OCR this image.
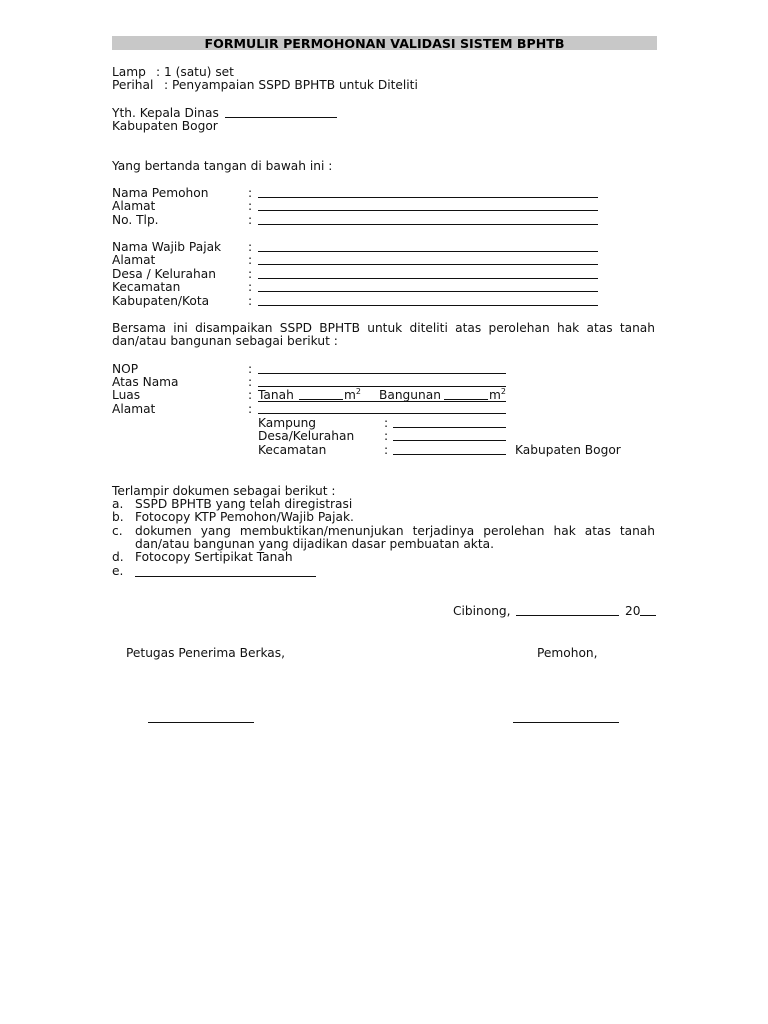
FORMULIR PERMOHONAN VALIDASI SISTEM BPHTB
Lamp : 1 (satu) set
Perihal : Penyampaian SSPD BPHTB untuk Diteliti
Yth. Kepala Dinas
Kabupaten Bogor
Yang bertanda tangan di bawah ini :
Nama Pemohon	:
Alamat	:
No. Tlp.	:
Nama Wajib Pajak :
Alamat	:
Desa / Kelurahan	:
Kecamatan	:
Kabupaten/Kota	:
Bersama ini disampaikan SSPD BPHTB untuk diteliti atas perolehan hak atas tanah
dan/atau bangunan sebagai berikut :
NOP	:
Atas Nama	:
Luas	: Tanah	$m^2$ Bangunan	$m^2$
Alamat	:
Kampung	:
Desa/Kelurahan :
Kecamatan	:	Kabupaten Bogor
Terlampir dokumen sebagai berikut :
a. SSPD BPHTB yang telah diregistrasi
b. Fotocopy KTP Pemohon/Wajib Pajak.
c. dokumen yang membuktikan/menunjukan terjadinya perolehan hak atas tanah
dan/atau bangunan yang dijadikan dasar pembuatan akta.
d. Fotocopy Sertipikat Tanah
e.
Cibinong,	20
Petugas Penerima Berkas,	Pemohon,
